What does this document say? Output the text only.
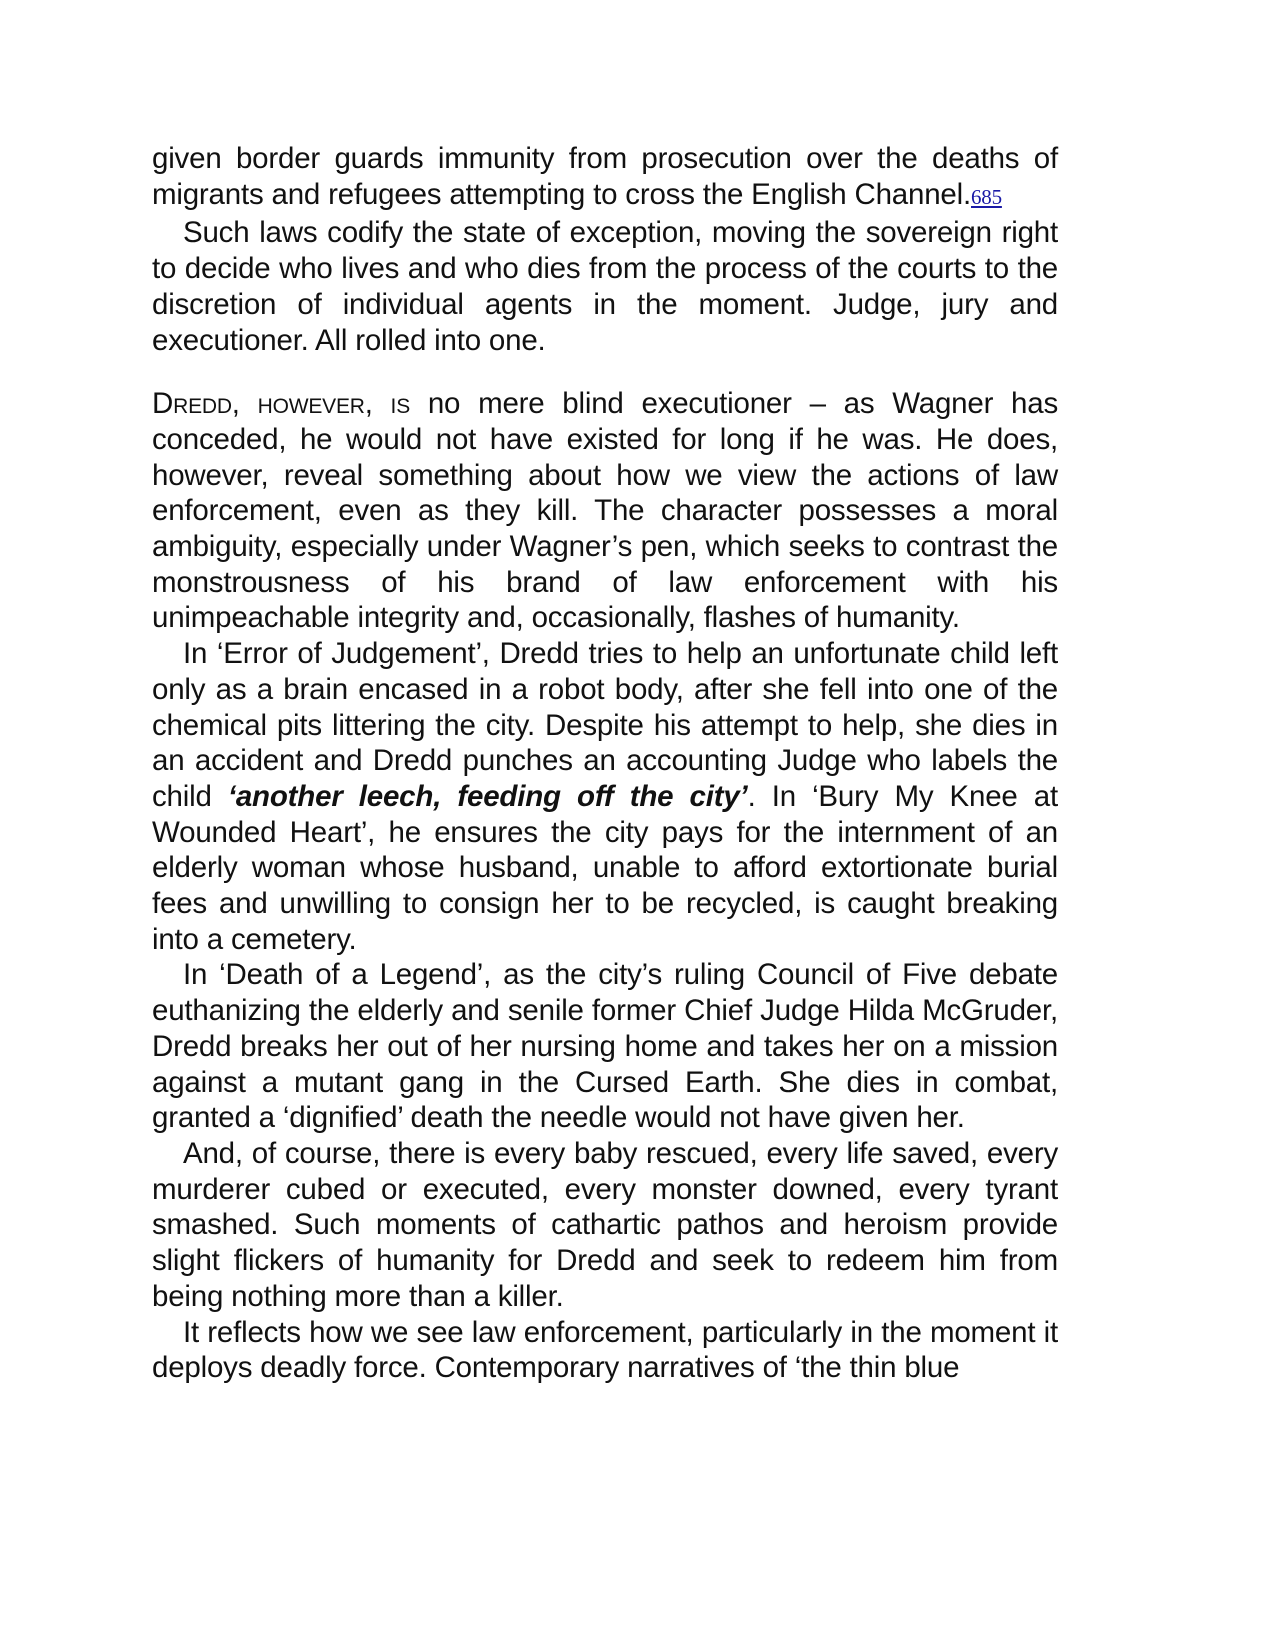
given border guards immunity from prosecution over the deaths of migrants and refugees attempting to cross the English Channel.685

Such laws codify the state of exception, moving the sovereign right to decide who lives and who dies from the process of the courts to the discretion of individual agents in the moment. Judge, jury and executioner. All rolled into one.

Dredd, however, is no mere blind executioner – as Wagner has conceded, he would not have existed for long if he was. He does, however, reveal something about how we view the actions of law enforcement, even as they kill. The character possesses a moral ambiguity, especially under Wagner’s pen, which seeks to contrast the monstrousness of his brand of law enforcement with his unimpeachable integrity and, occasionally, flashes of humanity.

In ‘Error of Judgement’, Dredd tries to help an unfortunate child left only as a brain encased in a robot body, after she fell into one of the chemical pits littering the city. Despite his attempt to help, she dies in an accident and Dredd punches an accounting Judge who labels the child ‘another leech, feeding off the city’. In ‘Bury My Knee at Wounded Heart’, he ensures the city pays for the internment of an elderly woman whose husband, unable to afford extortionate burial fees and unwilling to consign her to be recycled, is caught breaking into a cemetery.

In ‘Death of a Legend’, as the city’s ruling Council of Five debate euthanizing the elderly and senile former Chief Judge Hilda McGruder, Dredd breaks her out of her nursing home and takes her on a mission against a mutant gang in the Cursed Earth. She dies in combat, granted a ‘dignified’ death the needle would not have given her.

And, of course, there is every baby rescued, every life saved, every murderer cubed or executed, every monster downed, every tyrant smashed. Such moments of cathartic pathos and heroism provide slight flickers of humanity for Dredd and seek to redeem him from being nothing more than a killer.

It reflects how we see law enforcement, particularly in the moment it deploys deadly force. Contemporary narratives of ‘the thin blue
